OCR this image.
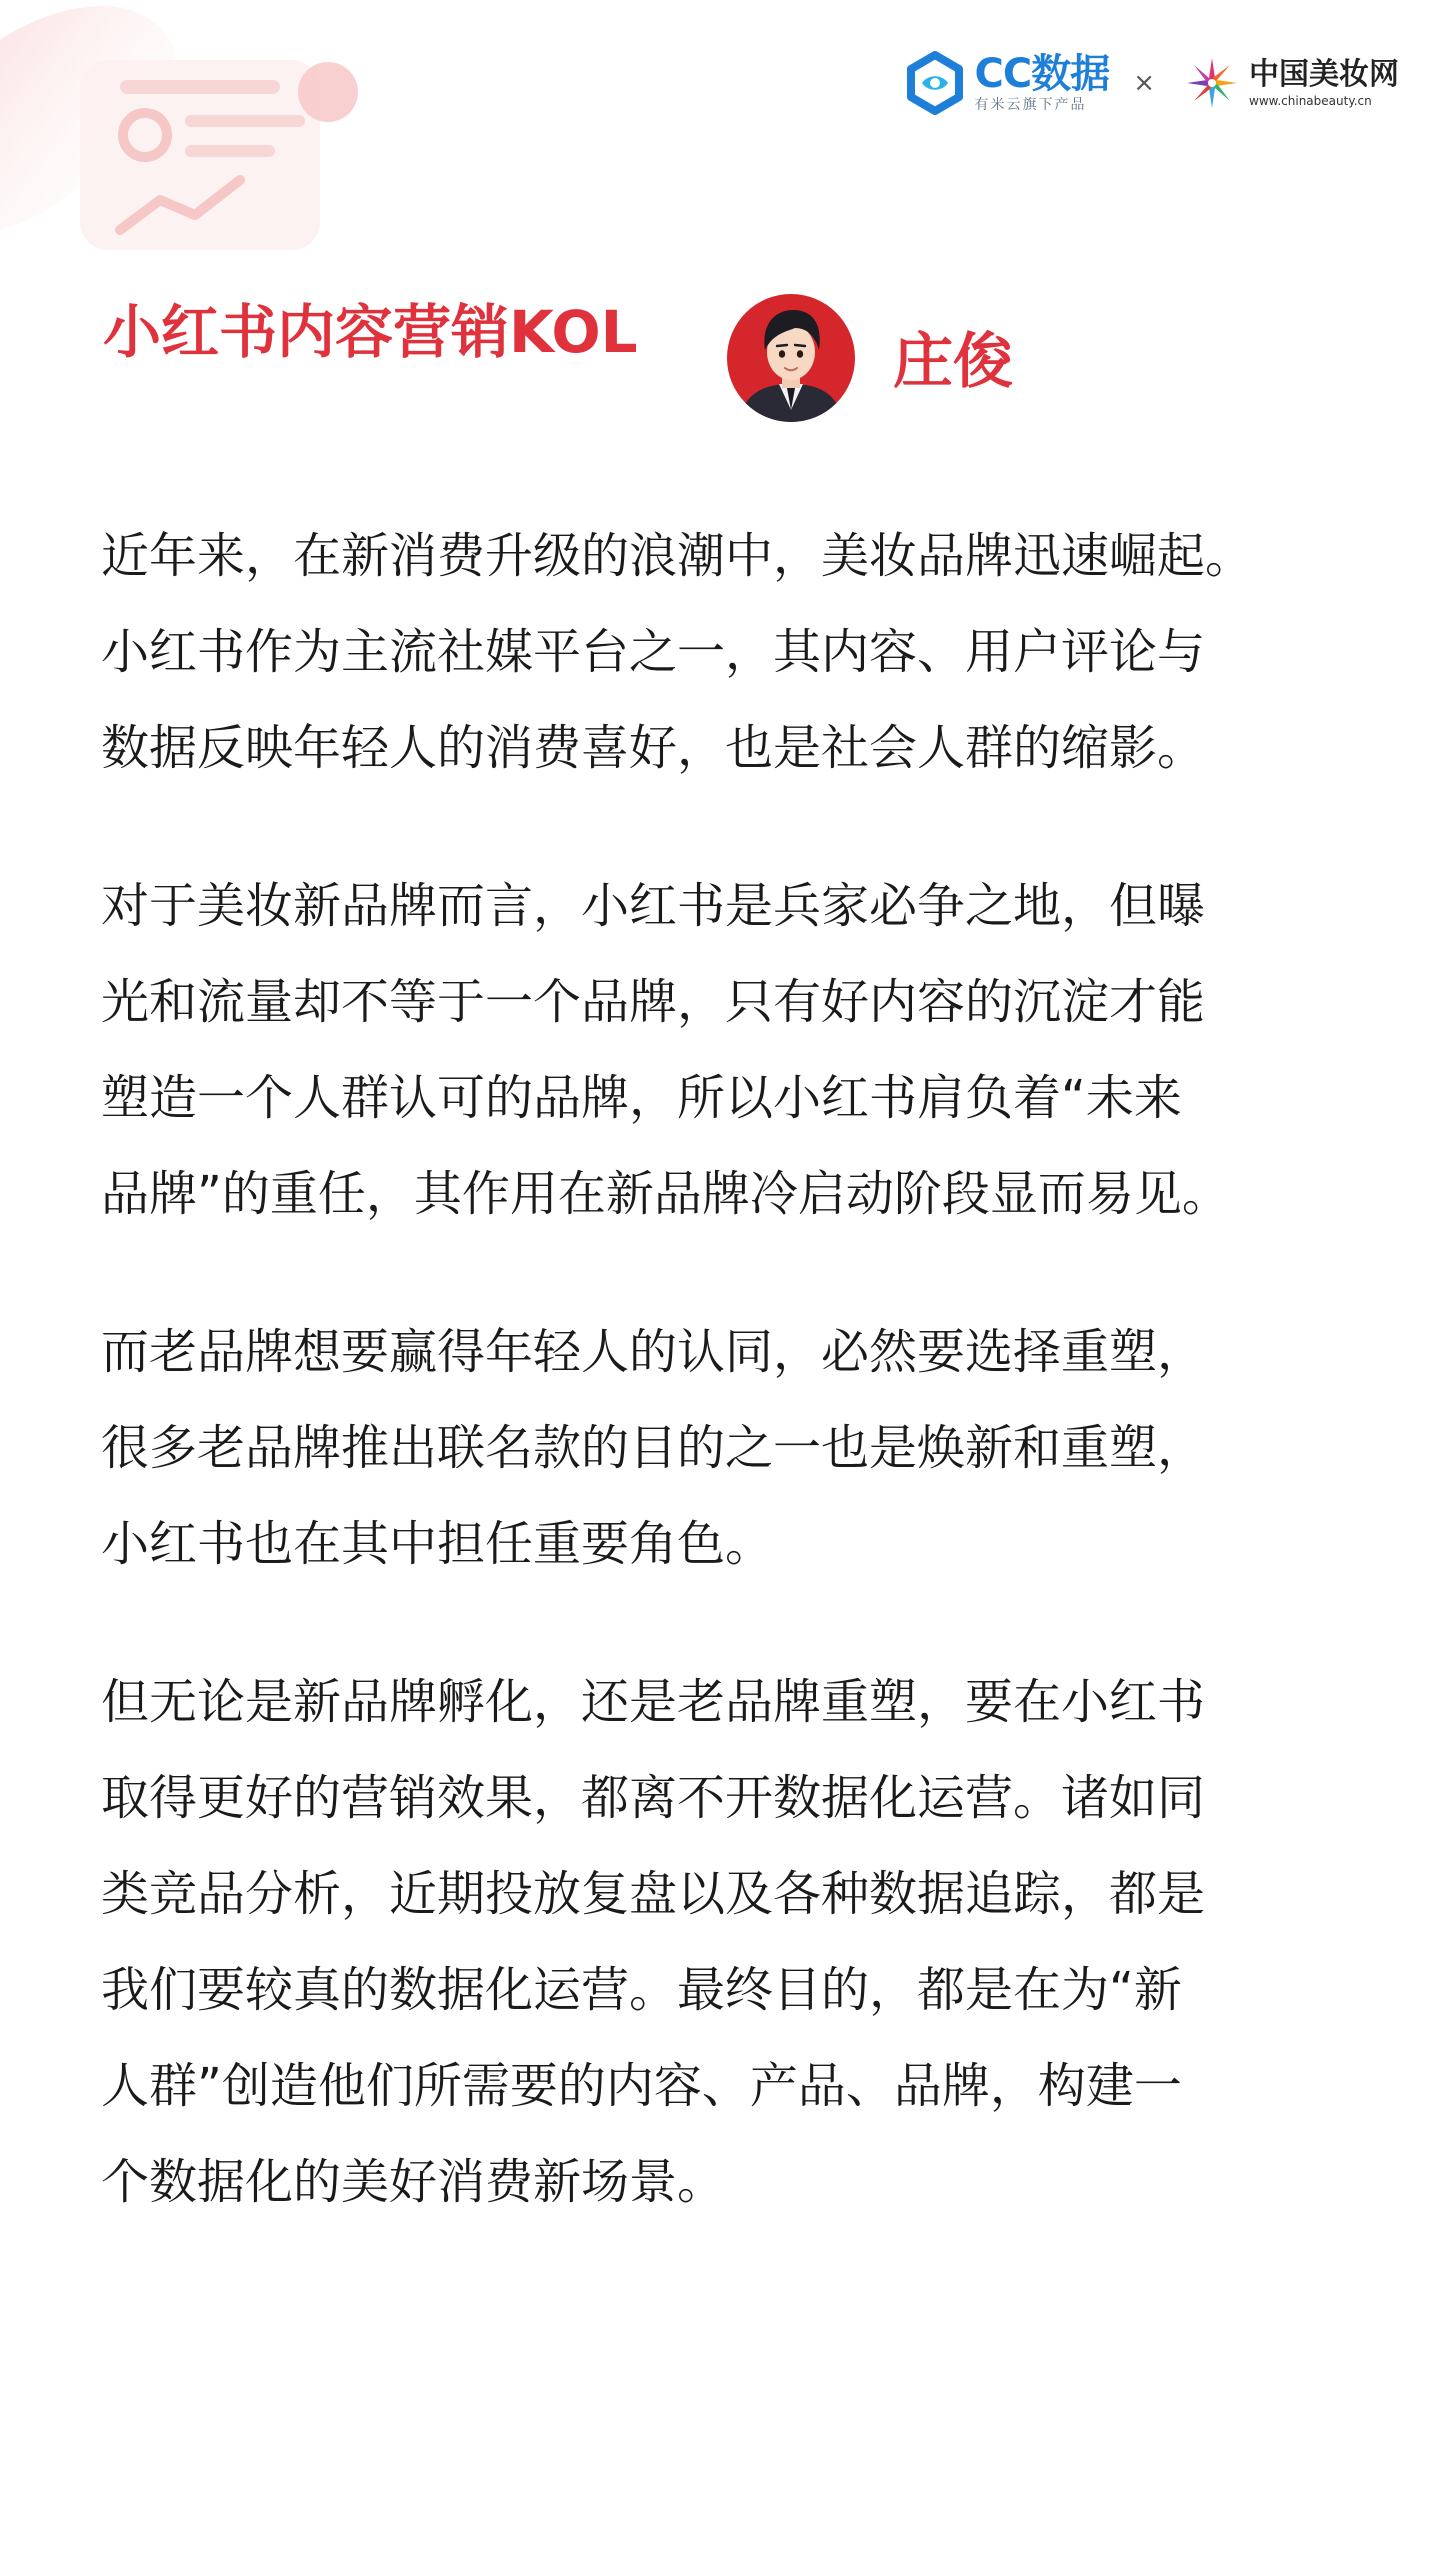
CC数据
有米云旗下产品
×	中国美妆网
www.chinabeauty.cn
小红书内容营销KOL	庄俊
近年来，在新消费升级的浪潮中，美妆品牌迅速崛起。
小红书作为主流社媒平台之一，其内容、用户评论与
数据反映年轻人的消费喜好，也是社会人群的缩影。
对于美妆新品牌而言，小红书是兵家必争之地，但曝
光和流量却不等于一个品牌，只有好内容的沉淀才能
塑造一个人群认可的品牌，所以小红书肩负着“未来
品牌”的重任，其作用在新品牌冷启动阶段显而易见。
而老品牌想要赢得年轻人的认同，必然要选择重塑，
很多老品牌推出联名款的目的之一也是焕新和重塑，
小红书也在其中担任重要角色。
但无论是新品牌孵化，还是老品牌重塑，要在小红书
取得更好的营销效果，都离不开数据化运营。诸如同
类竞品分析，近期投放复盘以及各种数据追踪，都是
我们要较真的数据化运营。最终目的，都是在为“新
人群”创造他们所需要的内容、产品、品牌，构建一
个数据化的美好消费新场景。
